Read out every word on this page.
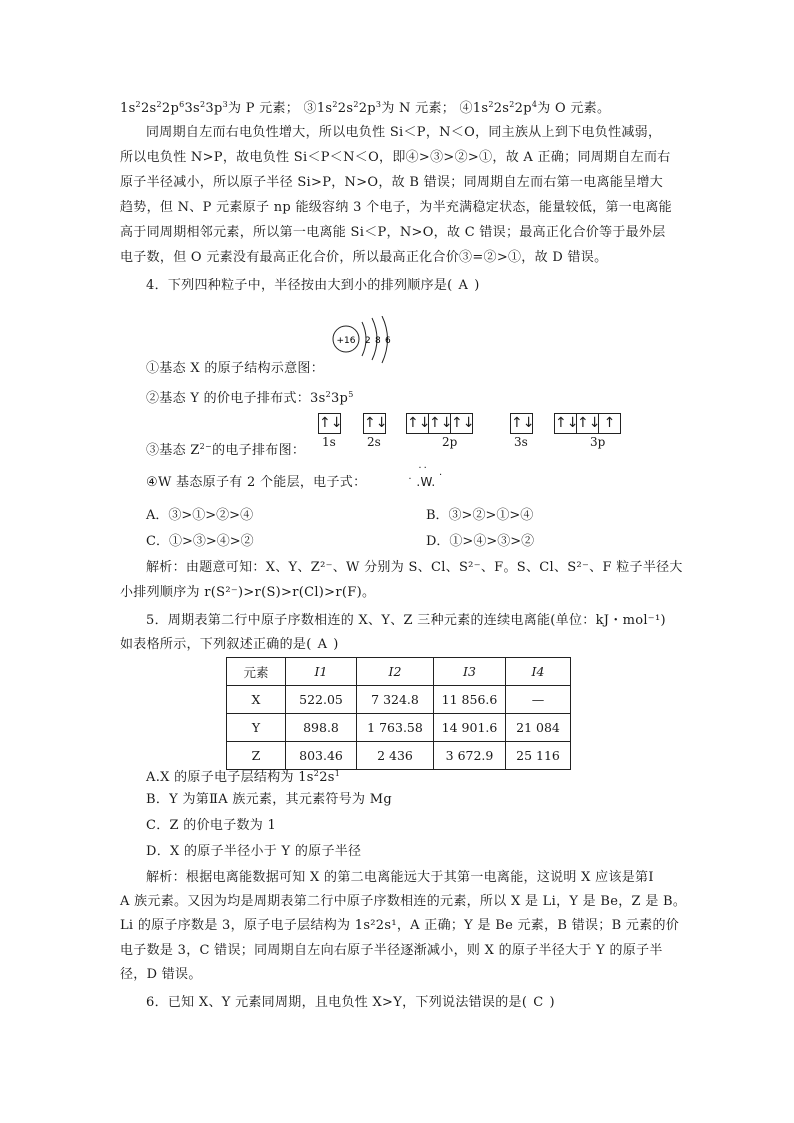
$1s^22s^22p^63s^23p^3$为 P 元素； $③1s^22s^22p^3$为 N 元素； $④1s^22s^22p^4$为 O 元素。
同周期自左而右电负性增大，所以电负性 Si＜P，N＜O，同主族从上到下电负性减弱，
所以电负性 N>P，故电负性 Si＜P＜N＜O，即④>③>②>①，故 A 正确；同周期自左而右
原子半径减小，所以原子半径 Si>P，N>O，故 B 错误；同周期自左而右第一电离能呈增大
趋势，但 N、P 元素原子 np 能级容纳 3 个电子，为半充满稳定状态，能量较低，第一电离能
高于同周期相邻元素，所以第一电离能 Si＜P，N>O，故 C 错误；最高正化合价等于最外层
电子数，但 O 元素没有最高正化合价，所以最高正化合价③=②>①，故 D 错误。
4．下列四种粒子中，半径按由大到小的排列顺序是( A )
+16 2 8 6
①基态 X 的原子结构示意图：
②基态 Y 的价电子排布式：$3s^23p^5$
③基态 $Z^{2-}$的电子排布图：
↑↓
1s
↑↓
2s
↑↓
↑↓
↑↓
2p
↑↓
3s
↑↓
↑↓ ↑
3p
④W 基态原子有 2 个能层，电子式：
··
· .W. ·
A．③>①>②>④	B．③>②>①>④
C．①>③>④>②	D．①>④>③>②
解析：由题意可知：X、Y、Z²⁻、W 分别为 S、Cl、S²⁻、F。S、Cl、S²⁻、F 粒子半径大
小排列顺序为 r(S²⁻)>r(S)>r(Cl)>r(F)。
5．周期表第二行中原子序数相连的 X、Y、Z 三种元素的连续电离能(单位：kJ・mol⁻¹)
如表格所示，下列叙述正确的是( A )
元素	I1	I2	I3	I4
X	522.05	7 324.8	11 856.6	—
Y	898.8	1 763.58	14 901.6	21 084
Z	803.46	2 436	3 672.9	25 116
A.X 的原子电子层结构为 $1s^22s^1$
B．Y 为第ⅡA 族元素，其元素符号为 Mg
C．Z 的价电子数为 1
D．X 的原子半径小于 Y 的原子半径
解析：根据电离能数据可知 X 的第二电离能远大于其第一电离能，这说明 X 应该是第Ⅰ
A 族元素。又因为均是周期表第二行中原子序数相连的元素，所以 X 是 Li，Y 是 Be，Z 是 B。
Li 的原子序数是 3，原子电子层结构为 1s²2s¹，A 正确；Y 是 Be 元素，B 错误；B 元素的价
电子数是 3，C 错误；同周期自左向右原子半径逐渐减小，则 X 的原子半径大于 Y 的原子半
径，D 错误。
6．已知 X、Y 元素同周期，且电负性 X>Y，下列说法错误的是( C )
